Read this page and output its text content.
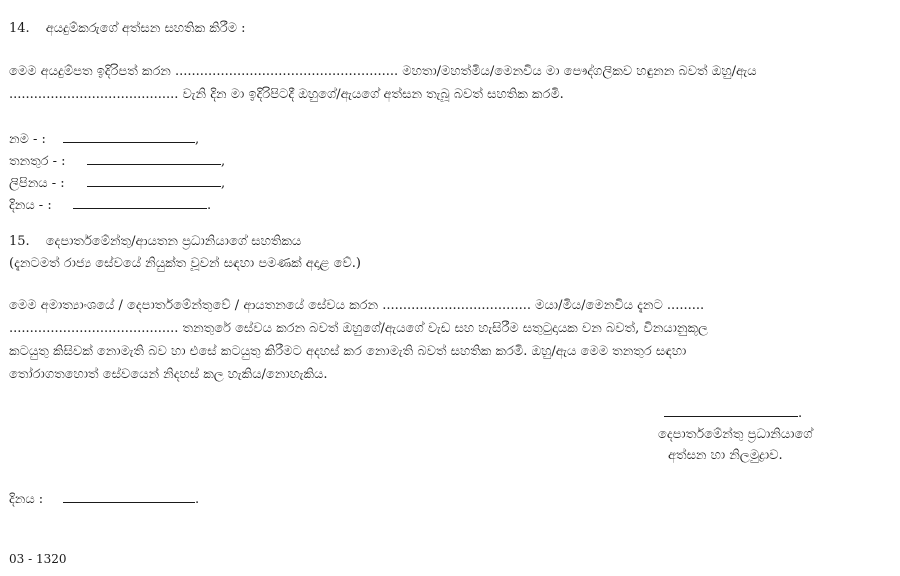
14. අයදුම්කරුගේ අත්සන සහතික කිරීම :
මෙම අයදුම්පත ඉදිරිපත් කරන ...................................................... මහතා/මහත්මිය/මෙනවිය මා පෞද්ගලිකව හඳුනන බවත් ඔහු/ඇය
......................................... වැනි දින මා ඉදිරිපිටදී ඔහුගේ/ඇයගේ අත්සන තැබූ බවත් සහතික කරමි.
නම - :	,
තනතුර - :	,
ලිපිනය - :	,
දිනය - :	.
15. දෙපාර්තමේන්තු/ආයතන ප්‍රධානියාගේ සහතිකය
(දැනටමත් රාජ්‍ය සේවයේ නියුක්ත වූවන් සඳහා පමණක් අදාළ වේ.)
මෙම අමාත්‍යාංශයේ / දෙපාර්තමේන්තුවේ / ආයතනයේ සේවය කරන .................................... මයා/මිය/මෙනවිය දැනට .........
......................................... තනතුරේ සේවය කරන බවත් ඔහුගේ/ඇයගේ වැඩ සහ හැසිරීම සතුටුදායක වන බවත්, විනයානුකූල
කටයුතු කිසිවක් නොමැති බව හා එසේ කටයුතු කිරීමට අදහස් කර නොමැති බවත් සහතික කරමි. ඔහු/ඇය මෙම තනතුර සඳහා
තෝරාගතහොත් සේවයෙන් නිදහස් කල හැකිය/නොහැකිය.
.
දෙපාර්තමේන්තු ප්‍රධානියාගේ
අත්සන හා නිලමුද්‍රාව.
දිනය :	.
03 - 1320
